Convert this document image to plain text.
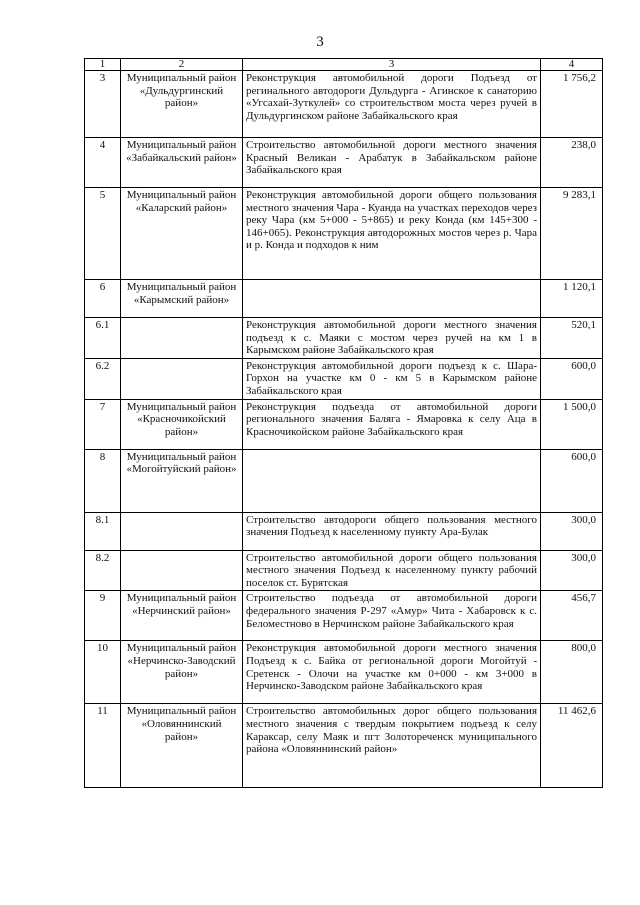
3
1	2	3	4
3	Муниципальный район «Дульдургинский район»	Реконструкция автомобильной дороги Подъезд от регинального автодороги Дульдурга - Агинское к санаторию «Угсахай-Зуткулей» со строительством моста через ручей в Дульдургинском районе Забайкальского края	1 756,2
4	Муниципальный район «Забайкальский район»	Строительство автомобильной дороги местного значения Красный Великан - Арабатук в Забайкальском районе Забайкальского края	238,0
5	Муниципальный район «Каларский район»	Реконструкция автомобильной дороги общего пользования местного значения Чара - Куанда на участках переходов через реку Чара (км 5+000 - 5+865) и реку Конда (км 145+300 - 146+065). Реконструкция автодорожных мостов через р. Чара и р. Конда и подходов к ним	9 283,1
6	Муниципальный район «Карымский район»		1 120,1
6.1		Реконструкция автомобильной дороги местного значения подъезд к с. Маяки с мостом через ручей на км 1 в Карымском районе Забайкальского края	520,1
6.2		Реконструкция автомобильной дороги подъезд к с. Шара-Горхон на участке км 0 - км 5 в Карымском районе Забайкальского края	600,0
7	Муниципальный район «Красночикойский район»	Реконструкция подъезда от автомобильной дороги регионального значения Баляга - Ямаровка к селу Аца в Красночикойском районе Забайкальского края	1 500,0
8	Муниципальный район «Могойтуйский район»		600,0
8.1		Строительство автодороги общего пользования местного значения Подъезд к населенному пункту Ара-Булак	300,0
8.2		Строительство автомобильной дороги общего пользования местного значения Подъезд к населенному пункту рабочий поселок ст. Бурятская	300,0
9	Муниципальный район «Нерчинский район»	Строительство подъезда от автомобильной дороги федерального значения Р-297 «Амур» Чита - Хабаровск к с. Беломестново в Нерчинском районе Забайкальского края	456,7
10	Муниципальный район «Нерчинско-Заводский район»	Реконструкция автомобильной дороги местного значения Подъезд к с. Байка от региональной дороги Могойтуй - Сретенск - Олочи на участке км 0+000 - км 3+000 в Нерчинско-Заводском районе Забайкальского края	800,0
11	Муниципальный район «Оловяннинский район»	Строительство автомобильных дорог общего пользования местного значения с твердым покрытием подъезд к селу Караксар, селу Маяк и пгт Золотореченск муниципального района «Оловяннинский район»	11 462,6
